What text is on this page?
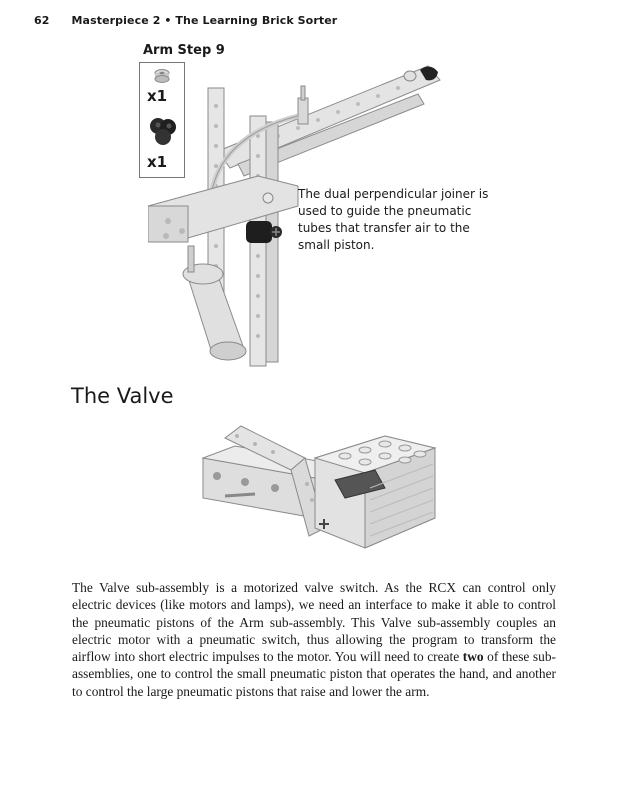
62 Masterpiece 2 • The Learning Brick Sorter
Arm Step 9
x1
x1
The dual perpendicular joiner is used to guide the pneumatic tubes that transfer air to the small piston.
The Valve
The Valve sub-assembly is a motorized valve switch. As the RCX can control only electric devices (like motors and lamps), we need an interface to make it able to control the pneumatic pistons of the Arm sub-assembly. This Valve sub-assembly couples an electric motor with a pneumatic switch, thus allowing the program to transform the airflow into short electric impulses to the motor. You will need to create two of these sub-assemblies, one to control the small pneumatic piston that operates the hand, and another to control the large pneumatic pistons that raise and lower the arm.
